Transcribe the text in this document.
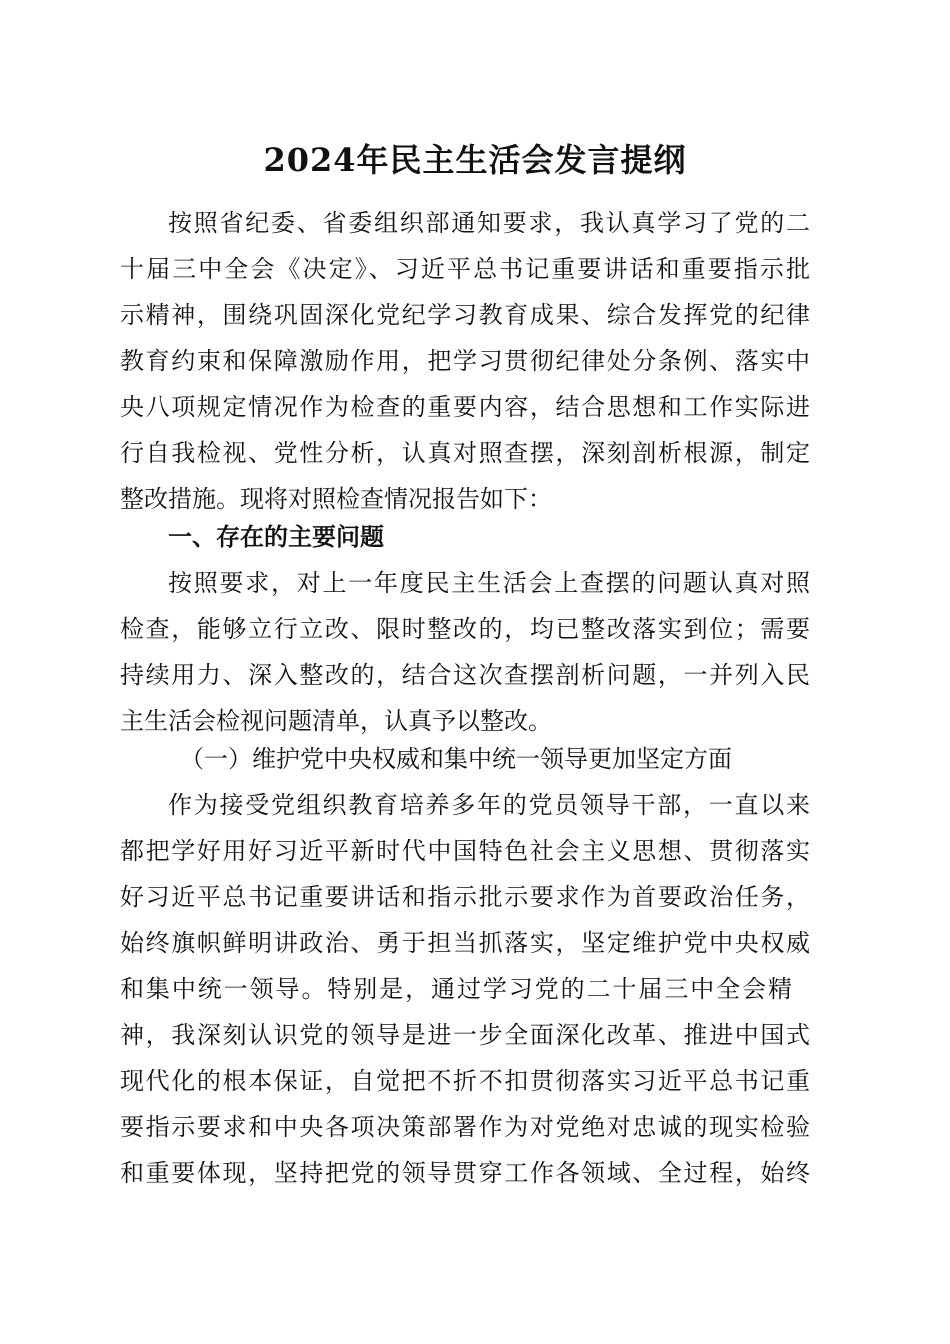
2024年民主生活会发言提纲
按照省纪委、省委组织部通知要求，我认真学习了党的二
十届三中全会《决定》、习近平总书记重要讲话和重要指示批
示精神，围绕巩固深化党纪学习教育成果、综合发挥党的纪律
教育约束和保障激励作用，把学习贯彻纪律处分条例、落实中
央八项规定情况作为检查的重要内容，结合思想和工作实际进
行自我检视、党性分析，认真对照查摆，深刻剖析根源，制定
整改措施。现将对照检查情况报告如下：
一、存在的主要问题
按照要求，对上一年度民主生活会上查摆的问题认真对照
检查，能够立行立改、限时整改的，均已整改落实到位；需要
持续用力、深入整改的，结合这次查摆剖析问题，一并列入民
主生活会检视问题清单，认真予以整改。
（一）维护党中央权威和集中统一领导更加坚定方面
作为接受党组织教育培养多年的党员领导干部，一直以来
都把学好用好习近平新时代中国特色社会主义思想、贯彻落实
好习近平总书记重要讲话和指示批示要求作为首要政治任务，
始终旗帜鲜明讲政治、勇于担当抓落实，坚定维护党中央权威
和集中统一领导。特别是，通过学习党的二十届三中全会精
神，我深刻认识党的领导是进一步全面深化改革、推进中国式
现代化的根本保证，自觉把不折不扣贯彻落实习近平总书记重
要指示要求和中央各项决策部署作为对党绝对忠诚的现实检验
和重要体现，坚持把党的领导贯穿工作各领域、全过程，始终
